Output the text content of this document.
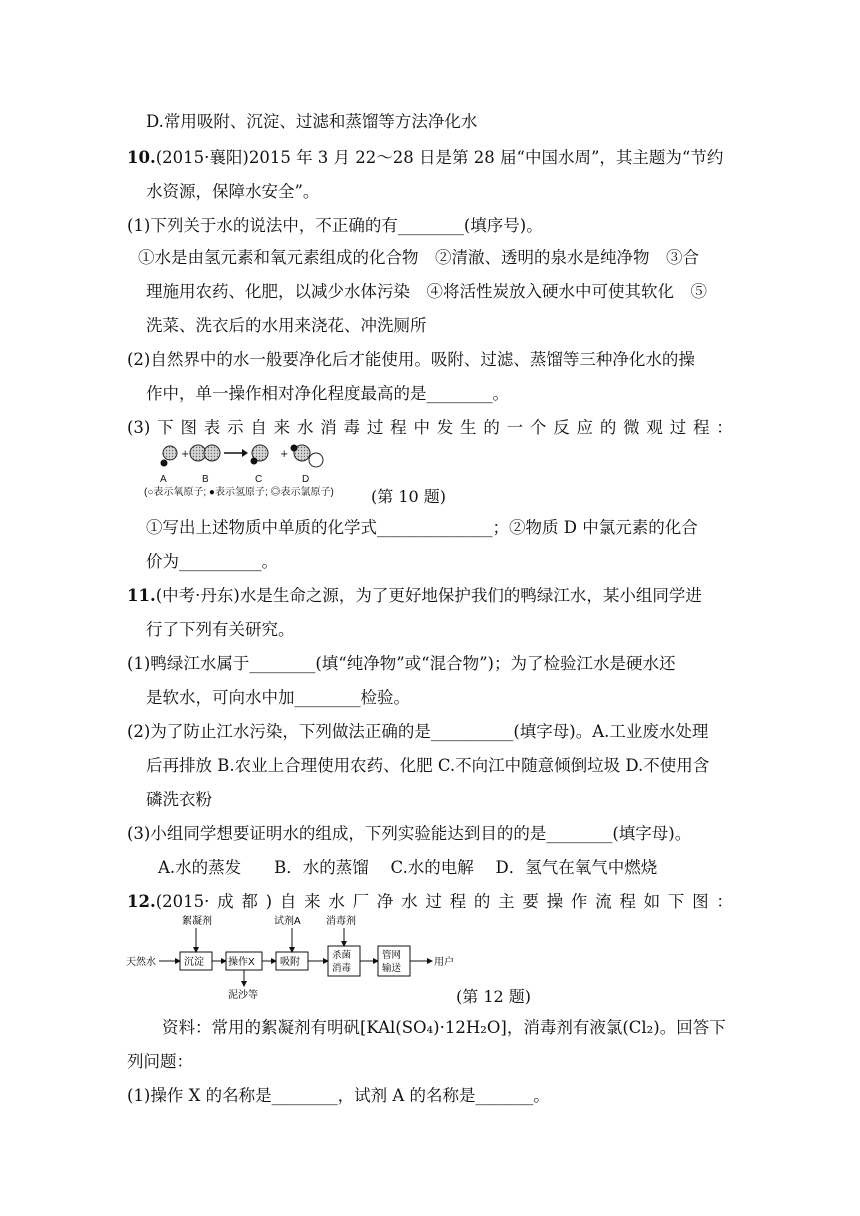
D.常用吸附、沉淀、过滤和蒸馏等方法净化水
10.(2015·襄阳)2015 年 3 月 22～28 日是第 28 届“中国水周”，其主题为“节约
水资源，保障水安全”。
(1)下列关于水的说法中，不正确的有________(填序号)。
①水是由氢元素和氧元素组成的化合物　②清澈、透明的泉水是纯净物　③合
理施用农药、化肥，以减少水体污染　④将活性炭放入硬水中可使其软化　⑤
洗菜、洗衣后的水用来浇花、冲洗厕所
(2)自然界中的水一般要净化后才能使用。吸附、过滤、蒸馏等三种净化水的操
作中，单一操作相对净化程度最高的是________。
(3) 下 图 表 示 自 来 水 消 毒 过 程 中 发 生 的 一 个 反 应 的 微 观 过 程 ：
+	+
A	B	C	D
(○表示氧原子; ●表示氢原子; ◎表示氯原子) (第 10 题)
①写出上述物质中单质的化学式______________；②物质 D 中氯元素的化合
价为__________。
11.(中考·丹东)水是生命之源，为了更好地保护我们的鸭绿江水，某小组同学进
行了下列有关研究。
(1)鸭绿江水属于________(填“纯净物”或“混合物”)；为了检验江水是硬水还
是软水，可向水中加________检验。
(2)为了防止江水污染，下列做法正确的是__________(填字母)。A.工业废水处理
后再排放 B.农业上合理使用农药、化肥 C.不向江中随意倾倒垃圾 D.不使用含
磷洗衣粉
(3)小组同学想要证明水的组成，下列实验能达到目的的是________(填字母)。
A.水的蒸发　　B．水的蒸馏　 C.水的电解　 D．氢气在氧气中燃烧
12.(2015· 成 都 ) 自 来 水 厂 净 水 过 程 的 主 要 操 作 流 程 如 下 图 ：
天然水	沉淀 操作X	吸附
杀菌
消毒
管网
输送
用户
絮凝剂	试剂A	消毒剂
泥沙等	(第 12 题)
资料：常用的絮凝剂有明矾[KAl(SO₄)·12H₂O]，消毒剂有液氯(Cl₂)。回答下
列问题：
(1)操作 X 的名称是________，试剂 A 的名称是_______。
